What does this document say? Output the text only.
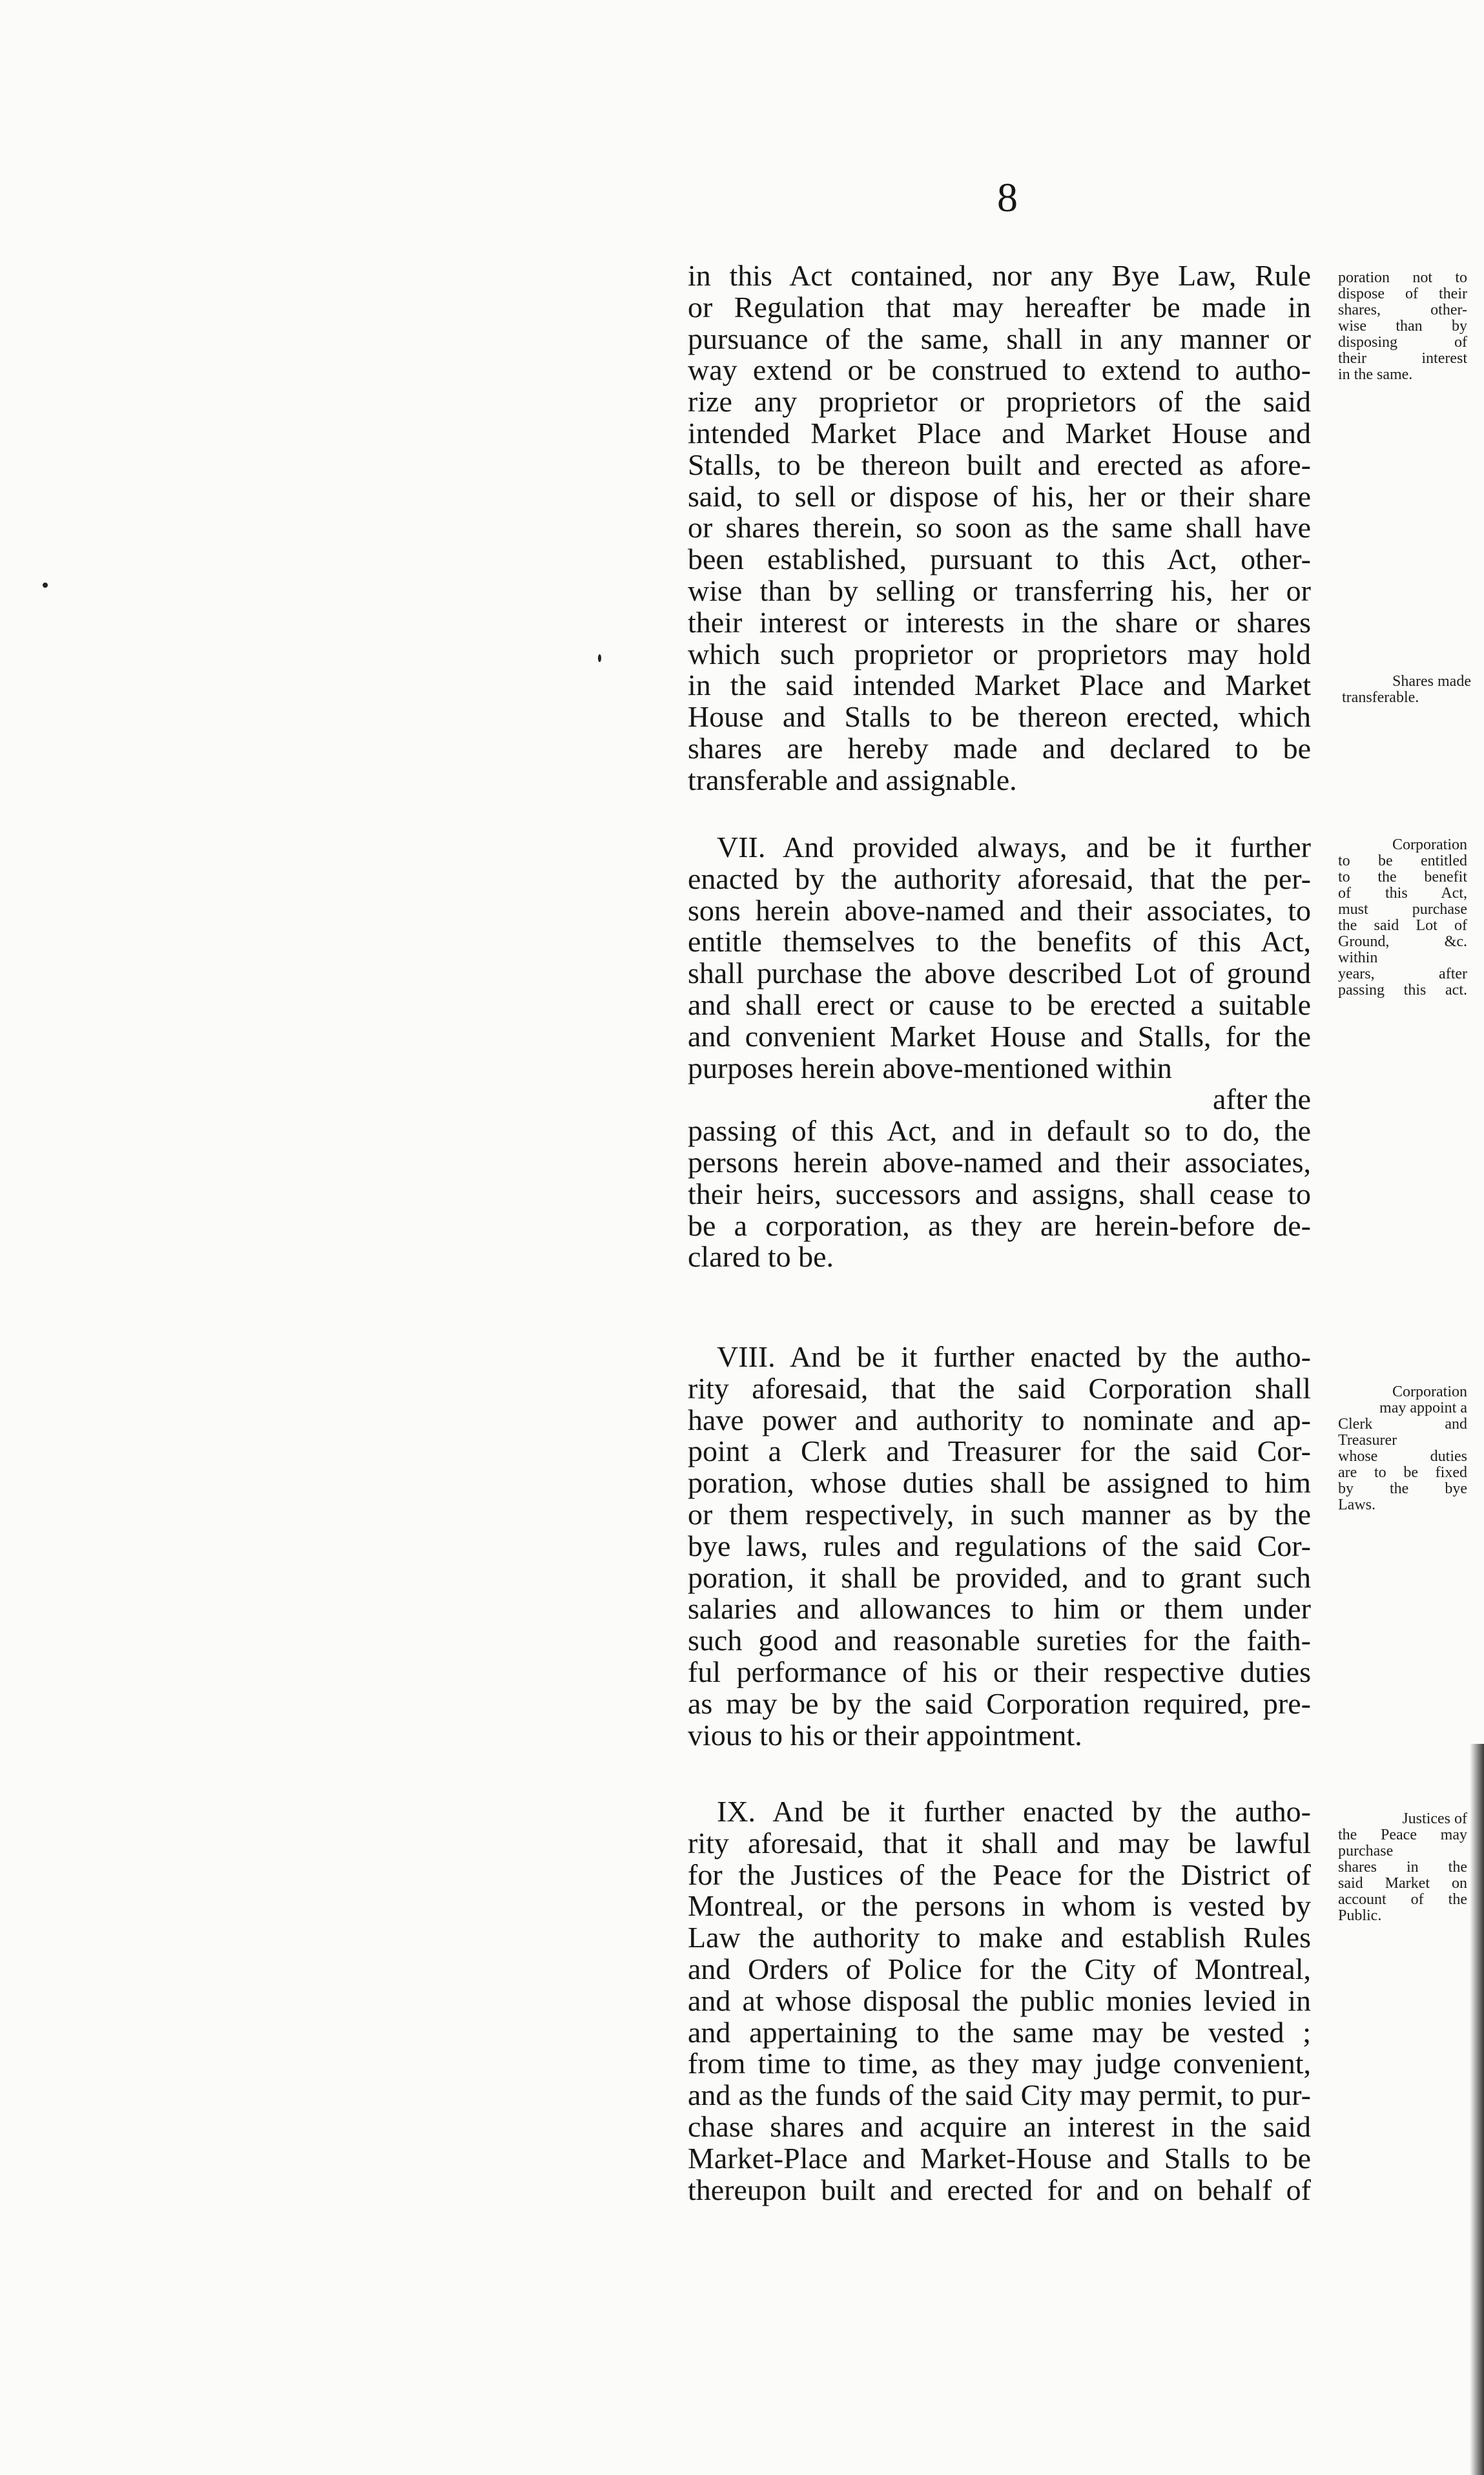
8
in this Act contained, nor any Bye Law, Rule
or Regulation that may hereafter be made in
pursuance of the same, shall in any manner or
way extend or be construed to extend to autho-
rize any proprietor or proprietors of the said
intended Market Place and Market House and
Stalls, to be thereon built and erected as afore-
said, to sell or dispose of his, her or their share
or shares therein, so soon as the same shall have
been established, pursuant to this Act, other-
wise than by selling or transferring his, her or
their interest or interests in the share or shares
which such proprietor or proprietors may hold
in the said intended Market Place and Market
House and Stalls to be thereon erected, which
shares are hereby made and declared to be
transferable and assignable.
VII. And provided always, and be it further
enacted by the authority aforesaid, that the per-
sons herein above-named and their associates, to
entitle themselves to the benefits of this Act,
shall purchase the above described Lot of ground
and shall erect or cause to be erected a suitable
and convenient Market House and Stalls, for the
purposes herein above-mentioned within
after the
passing of this Act, and in default so to do, the
persons herein above-named and their associates,
their heirs, successors and assigns, shall cease to
be a corporation, as they are herein-before de-
clared to be.
VIII. And be it further enacted by the autho-
rity aforesaid, that the said Corporation shall
have power and authority to nominate and ap-
point a Clerk and Treasurer for the said Cor-
poration, whose duties shall be assigned to him
or them respectively, in such manner as by the
bye laws, rules and regulations of the said Cor-
poration, it shall be provided, and to grant such
salaries and allowances to him or them under
such good and reasonable sureties for the faith-
ful performance of his or their respective duties
as may be by the said Corporation required, pre-
vious to his or their appointment.
IX. And be it further enacted by the autho-
rity aforesaid, that it shall and may be lawful
for the Justices of the Peace for the District of
Montreal, or the persons in whom is vested by
Law the authority to make and establish Rules
and Orders of Police for the City of Montreal,
and at whose disposal the public monies levied in
and appertaining to the same may be vested ;
from time to time, as they may judge convenient,
and as the funds of the said City may permit, to pur-
chase shares and acquire an interest in the said
Market-Place and Market-House and Stalls to be
thereupon built and erected for and on behalf of
poration not to
dispose of their
shares, other-
wise than by
disposing of
their interest
in the same.
Shares made
transferable.
Corporation
to be entitled
to the benefit
of this Act,
must purchase
the said Lot of
Ground, &c.
within
years, after
passing this act.
Corporation
may appoint a
Clerk and
Treasurer
whose duties
are to be fixed
by the bye
Laws.
Justices of
the Peace may
purchase
shares in the
said Market on
account of the
Public.
